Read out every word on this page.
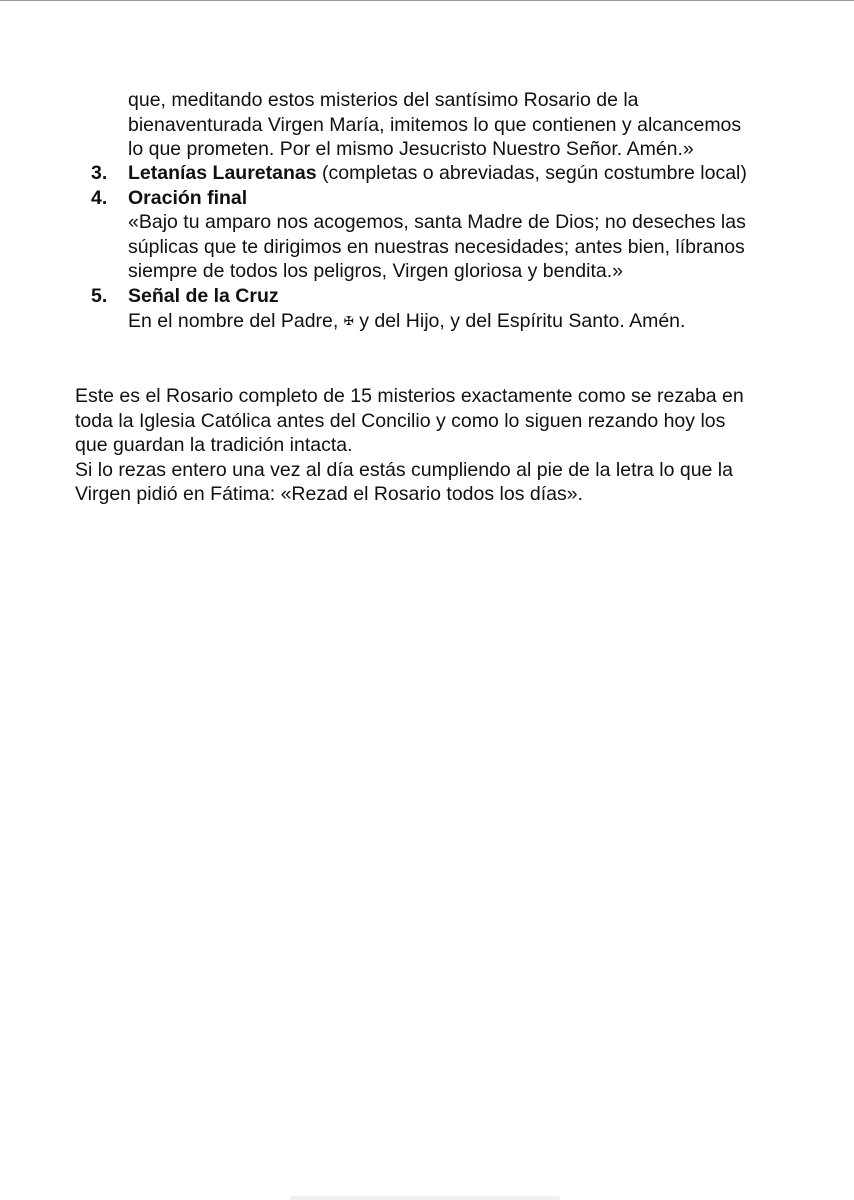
que, meditando estos misterios del santísimo Rosario de la

bienaventurada Virgen María, imitemos lo que contienen y alcancemos

lo que prometen. Por el mismo Jesucristo Nuestro Señor. Amén.»

3. Letanías Lauretanas (completas o abreviadas, según costumbre local)
4. Oración final
«Bajo tu amparo nos acogemos, santa Madre de Dios; no deseches las
súplicas que te dirigimos en nuestras necesidades; antes bien, líbranos
siempre de todos los peligros, Virgen gloriosa y bendita.»
5. Señal de la Cruz
En el nombre del Padre, ✠ y del Hijo, y del Espíritu Santo. Amén.

Este es el Rosario completo de 15 misterios exactamente como se rezaba en

toda la Iglesia Católica antes del Concilio y como lo siguen rezando hoy los

que guardan la tradición intacta.

Si lo rezas entero una vez al día estás cumpliendo al pie de la letra lo que la

Virgen pidió en Fátima: «Rezad el Rosario todos los días».
